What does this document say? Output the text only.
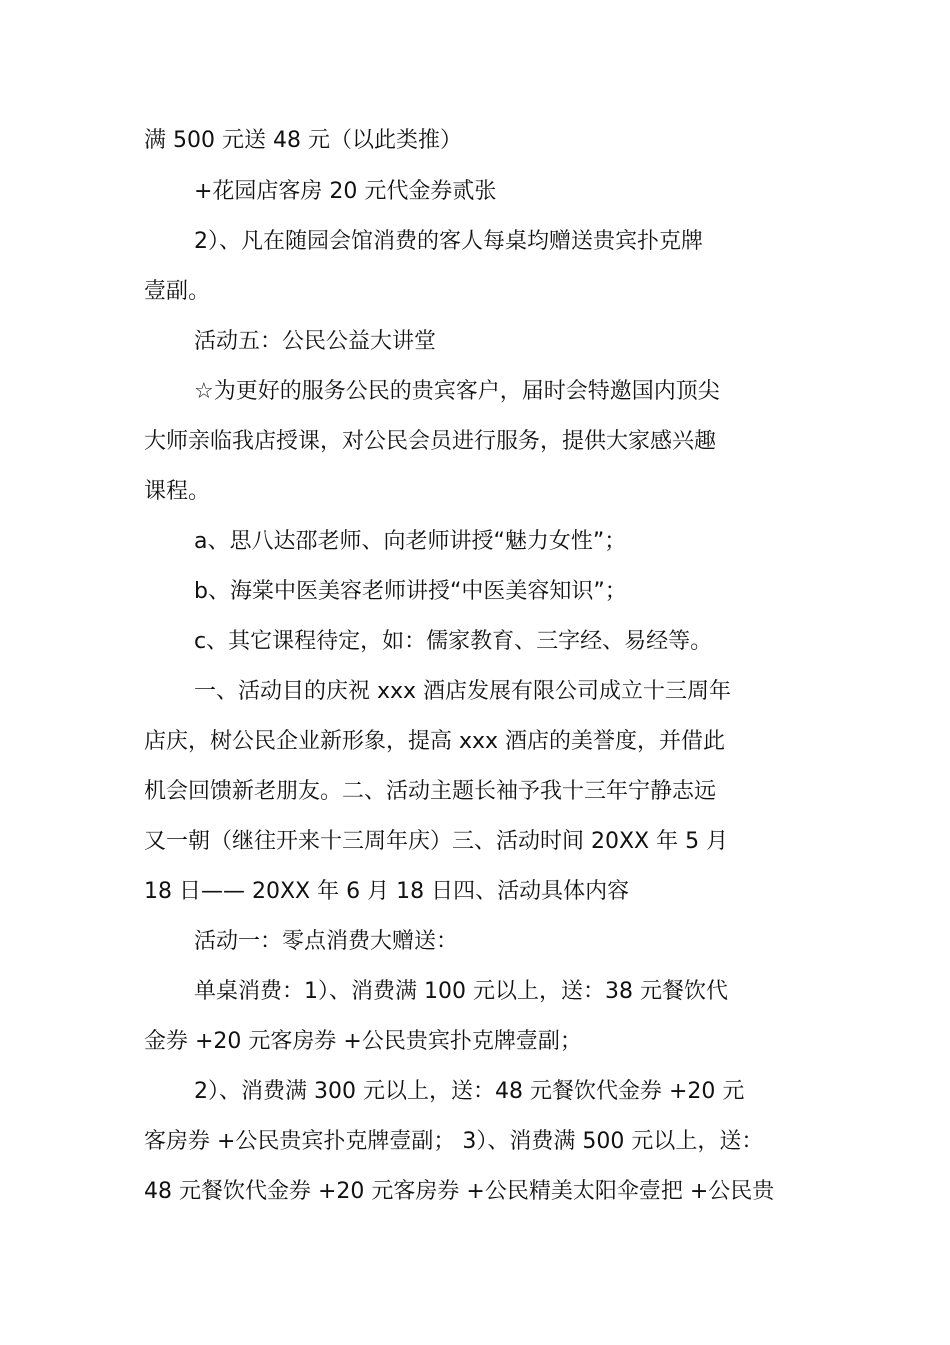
满 500 元送 48 元（以此类推）
+花园店客房 20 元代金券贰张
2）、凡在随园会馆消费的客人每桌均赠送贵宾扑克牌
壹副。
活动五：公民公益大讲堂
☆为更好的服务公民的贵宾客户，届时会特邀国内顶尖
大师亲临我店授课，对公民会员进行服务，提供大家感兴趣
课程。
a、思八达邵老师、向老师讲授“魅力女性”；
b、海棠中医美容老师讲授“中医美容知识”；
c、其它课程待定，如：儒家教育、三字经、易经等。
一、活动目的庆祝 xxx 酒店发展有限公司成立十三周年
店庆，树公民企业新形象，提高 xxx 酒店的美誉度，并借此
机会回馈新老朋友。二、活动主题长袖予我十三年宁静志远
又一朝（继往开来十三周年庆）三、活动时间 20XX 年 5 月
18 日—— 20XX 年 6 月 18 日四、活动具体内容
活动一：零点消费大赠送：
单桌消费：1）、消费满 100 元以上，送：38 元餐饮代
金券 +20 元客房券 +公民贵宾扑克牌壹副；
2）、消费满 300 元以上，送：48 元餐饮代金券 +20 元
客房券 +公民贵宾扑克牌壹副； 3）、消费满 500 元以上，送：
48 元餐饮代金券 +20 元客房券 +公民精美太阳伞壹把 +公民贵
